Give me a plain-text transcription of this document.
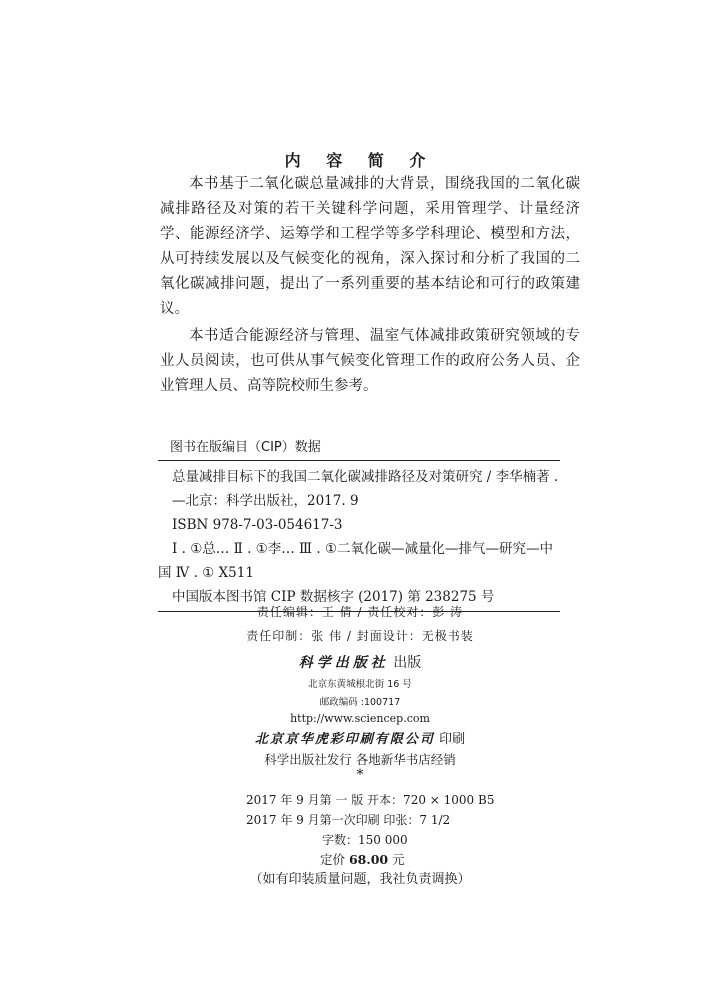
内 容 简 介

本书基于二氧化碳总量减排的大背景，围绕我国的二氧化碳减排路径及对策的若干关键科学问题，采用管理学、计量经济学、能源经济学、运筹学和工程学等多学科理论、模型和方法，从可持续发展以及气候变化的视角，深入探讨和分析了我国的二氧化碳减排问题，提出了一系列重要的基本结论和可行的政策建议。

本书适合能源经济与管理、温室气体减排政策研究领域的专业人员阅读，也可供从事气候变化管理工作的政府公务人员、企业管理人员、高等院校师生参考。

图书在版编目（CIP）数据
总量减排目标下的我国二氧化碳减排路径及对策研究 / 李华楠著 .
—北京：科学出版社，2017. 9
ISBN 978-7-03-054617-3
Ⅰ . ①总… Ⅱ . ①李… Ⅲ . ①二氧化碳—减量化—排气—研究—中
国 Ⅳ . ① X511
中国版本图书馆 CIP 数据核字 (2017) 第 238275 号
责任编辑：王 倩 / 责任校对：彭 涛
责任印制：张 伟 / 封面设计：无极书装
科学出版社 出版
北京东黄城根北街 16 号
邮政编码 :100717
http://www.sciencep.com
北京京华虎彩印刷有限公司 印刷
科学出版社发行 各地新华书店经销
*
2017 年 9 月第 一 版 开本：720 × 1000 B5
2017 年 9 月第一次印刷 印张：7 1/2
字数：150 000
定价 68.00 元
（如有印装质量问题，我社负责调换）
